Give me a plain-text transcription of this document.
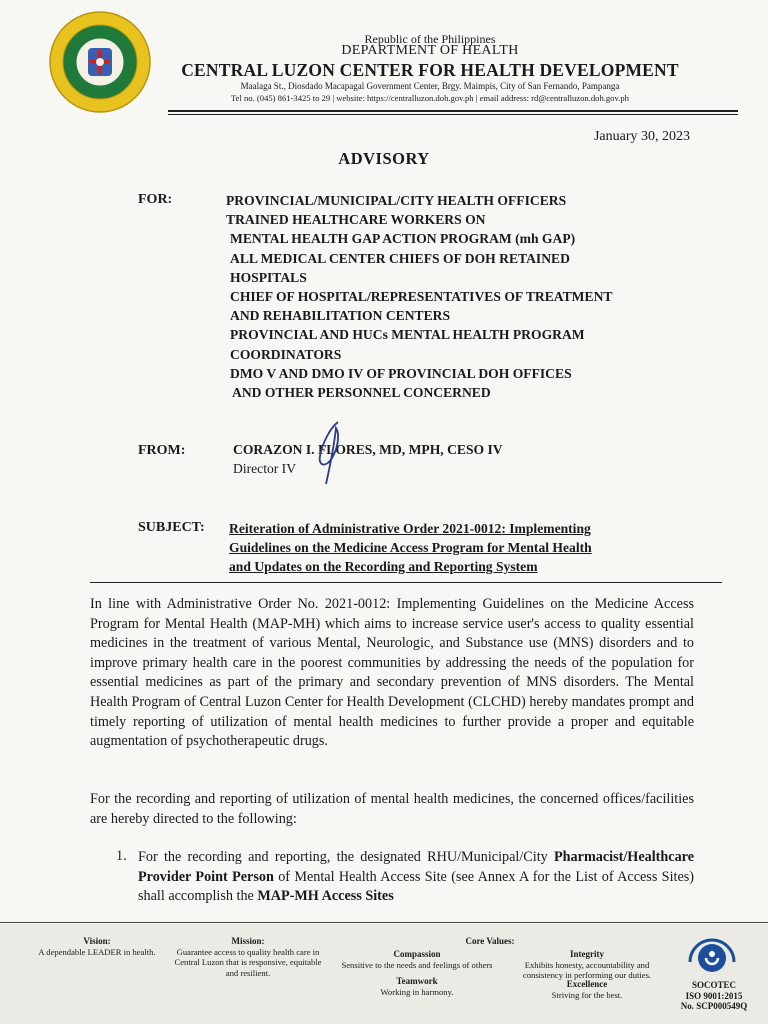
Republic of the Philippines
DEPARTMENT OF HEALTH
CENTRAL LUZON CENTER FOR HEALTH DEVELOPMENT
Maalaga St., Diosdado Macapagal Government Center, Brgy. Maimpis, City of San Fernando, Pampanga
Tel no. (045) 861-3425 to 29 | website: https://centralluzon.doh.gov.ph | email address: rd@centralluzon.doh.gov.ph
January 30, 2023
ADVISORY
FOR:	PROVINCIAL/MUNICIPAL/CITY HEALTH OFFICERS
TRAINED HEALTHCARE WORKERS ON
MENTAL HEALTH GAP ACTION PROGRAM (mh GAP)
ALL MEDICAL CENTER CHIEFS OF DOH RETAINED
HOSPITALS
CHIEF OF HOSPITAL/REPRESENTATIVES OF TREATMENT
AND REHABILITATION CENTERS
PROVINCIAL AND HUCs MENTAL HEALTH PROGRAM
COORDINATORS
DMO V AND DMO IV OF PROVINCIAL DOH OFFICES
AND OTHER PERSONNEL CONCERNED
FROM:	CORAZON I. FLORES, MD, MPH, CESO IV
Director IV
SUBJECT: Reiteration of Administrative Order 2021-0012: Implementing
Guidelines on the Medicine Access Program for Mental Health
and Updates on the Recording and Reporting System
In line with Administrative Order No. 2021-0012: Implementing Guidelines on the Medicine Access Program for Mental Health (MAP-MH) which aims to increase service user's access to quality essential medicines in the treatment of various Mental, Neurologic, and Substance use (MNS) disorders and to improve primary health care in the poorest communities by addressing the needs of the population for essential medicines as part of the primary and secondary prevention of MNS disorders. The Mental Health Program of Central Luzon Center for Health Development (CLCHD) hereby mandates prompt and timely reporting of utilization of mental health medicines to further provide a proper and equitable augmentation of psychotherapeutic drugs.
For the recording and reporting of utilization of mental health medicines, the concerned offices/facilities are hereby directed to the following:
1. For the recording and reporting, the designated RHU/Municipal/City Pharmacist/Healthcare Provider Point Person of Mental Health Access Site (see Annex A for the List of Access Sites) shall accomplish the MAP-MH Access Sites
Vision:
A dependable LEADER in health.
Mission:
Guarantee access to quality health care in Central Luzon that is responsive, equitable and resilient.
Core Values:
Compassion
Sensitive to the needs and feelings of others
Teamwork
Working in harmony.
Integrity
Exhibits honesty, accountability and consistency in performing our duties.
Excellence
Striving for the best.
SOCOTEC
ISO 9001:2015
No. SCP000549Q
